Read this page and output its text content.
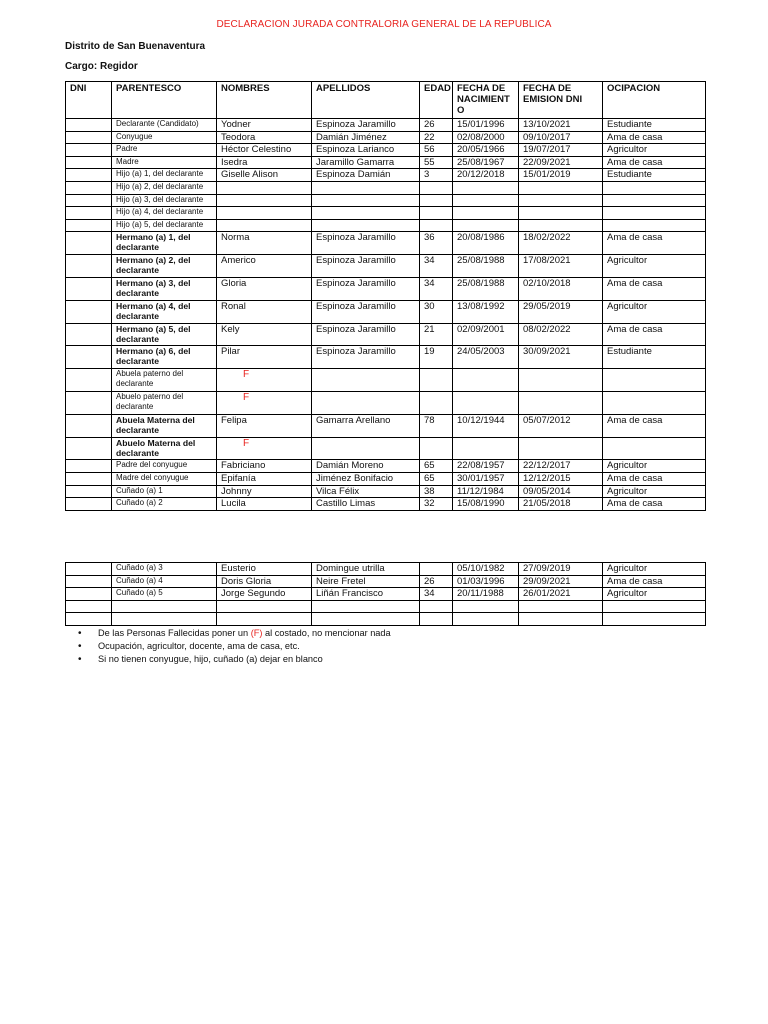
DECLARACION JURADA CONTRALORIA GENERAL DE LA REPUBLICA
Distrito de San Buenaventura
Cargo: Regidor
DNI	PARENTESCO	NOMBRES	APELLIDOS	EDAD	FECHA DE NACIMIENTO	FECHA DE EMISION DNI	OCIPACION
	Declarante (Candidato)	Yodner	Espinoza Jaramillo	26	15/01/1996	13/10/2021	Estudiante
	Conyugue	Teodora	Damián Jiménez	22	02/08/2000	09/10/2017	Ama de casa
	Padre	Héctor Celestino	Espinoza Larianco	56	20/05/1966	19/07/2017	Agricultor
	Madre	Isedra	Jaramillo Gamarra	55	25/08/1967	22/09/2021	Ama de casa
	Hijo (a) 1, del declarante	Giselle Alison	Espinoza Damián	3	20/12/2018	15/01/2019	Estudiante
	Hijo (a) 2, del declarante						
	Hijo (a) 3, del declarante						
	Hijo (a) 4, del declarante						
	Hijo (a) 5, del declarante						
	Hermano (a) 1, del declarante	Norma	Espinoza Jaramillo	36	20/08/1986	18/02/2022	Ama de casa
	Hermano (a) 2, del declarante	Americo	Espinoza Jaramillo	34	25/08/1988	17/08/2021	Agricultor
	Hermano (a) 3, del declarante	Gloria	Espinoza Jaramillo	34	25/08/1988	02/10/2018	Ama de casa
	Hermano (a) 4, del declarante	Ronal	Espinoza Jaramillo	30	13/08/1992	29/05/2019	Agricultor
	Hermano (a) 5, del declarante	Kely	Espinoza Jaramillo	21	02/09/2001	08/02/2022	Ama de casa
	Hermano (a) 6, del declarante	Pilar	Espinoza Jaramillo	19	24/05/2003	30/09/2021	Estudiante
	Abuela paterno del declarante	F					
	Abuelo paterno del declarante	F					
	Abuela Materna del declarante	Felipa	Gamarra Arellano	78	10/12/1944	05/07/2012	Ama de casa
	Abuelo Materna del declarante	F					
	Padre del conyugue	Fabriciano	Damián Moreno	65	22/08/1957	22/12/2017	Agricultor
	Madre del conyugue	Epifanía	Jiménez Bonifacio	65	30/01/1957	12/12/2015	Ama de casa
	Cuñado (a) 1	Johnny	Vilca Félix	38	11/12/1984	09/05/2014	Agricultor
	Cuñado (a) 2	Lucila	Castillo Limas	32	15/08/1990	21/05/2018	Ama de casa
	Cuñado (a) 3	Eusterio	Domingue utrilla		05/10/1982	27/09/2019	Agricultor
	Cuñado (a) 4	Doris Gloria	Neire Fretel	26	01/03/1996	29/09/2021	Ama de casa
	Cuñado (a) 5	Jorge Segundo	Liñán Francisco	34	20/11/1988	26/01/2021	Agricultor

• De las Personas Fallecidas poner un (F) al costado, no mencionar nada
• Ocupación, agricultor, docente, ama de casa, etc.
• Si no tienen conyugue, hijo, cuñado (a) dejar en blanco
